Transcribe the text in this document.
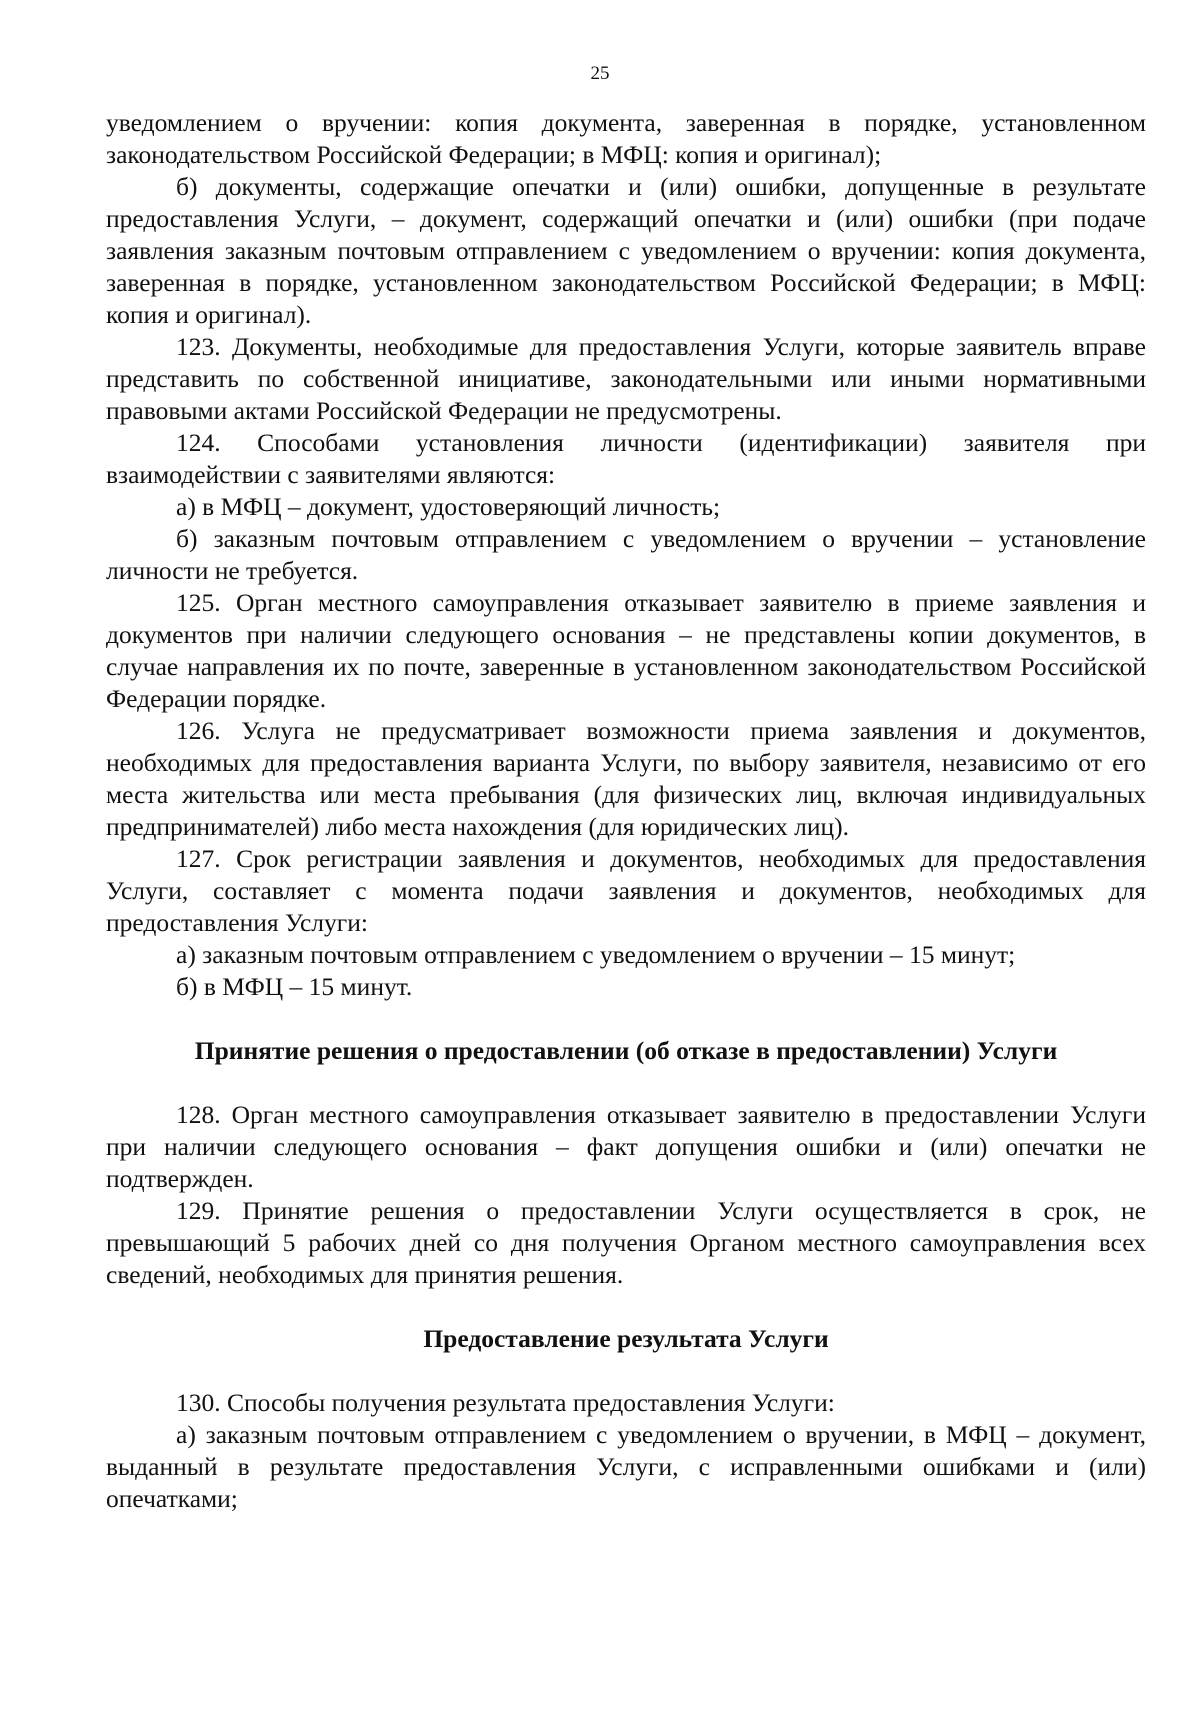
25

уведомлением о вручении: копия документа, заверенная в порядке, установленном законодательством Российской Федерации; в МФЦ: копия и оригинал);

б) документы, содержащие опечатки и (или) ошибки, допущенные в результате предоставления Услуги, – документ, содержащий опечатки и (или) ошибки (при подаче заявления заказным почтовым отправлением с уведомлением о вручении: копия документа, заверенная в порядке, установленном законодательством Российской Федерации; в МФЦ: копия и оригинал).

123. Документы, необходимые для предоставления Услуги, которые заявитель вправе представить по собственной инициативе, законодательными или иными нормативными правовыми актами Российской Федерации не предусмотрены.

124. Способами установления личности (идентификации) заявителя при взаимодействии с заявителями являются:

а) в МФЦ – документ, удостоверяющий личность;

б) заказным почтовым отправлением с уведомлением о вручении – установление личности не требуется.

125. Орган местного самоуправления отказывает заявителю в приеме заявления и документов при наличии следующего основания – не представлены копии документов, в случае направления их по почте, заверенные в установленном законодательством Российской Федерации порядке.

126. Услуга не предусматривает возможности приема заявления и документов, необходимых для предоставления варианта Услуги, по выбору заявителя, независимо от его места жительства или места пребывания (для физических лиц, включая индивидуальных предпринимателей) либо места нахождения (для юридических лиц).

127. Срок регистрации заявления и документов, необходимых для предоставления Услуги, составляет с момента подачи заявления и документов, необходимых для предоставления Услуги:

а) заказным почтовым отправлением с уведомлением о вручении – 15 минут;

б) в МФЦ – 15 минут.

Принятие решения о предоставлении (об отказе в предоставлении) Услуги

128. Орган местного самоуправления отказывает заявителю в предоставлении Услуги при наличии следующего основания – факт допущения ошибки и (или) опечатки не подтвержден.

129. Принятие решения о предоставлении Услуги осуществляется в срок, не превышающий 5 рабочих дней со дня получения Органом местного самоуправления всех сведений, необходимых для принятия решения.

Предоставление результата Услуги

130. Способы получения результата предоставления Услуги:

а) заказным почтовым отправлением с уведомлением о вручении, в МФЦ – документ, выданный в результате предоставления Услуги, с исправленными ошибками и (или) опечатками;
